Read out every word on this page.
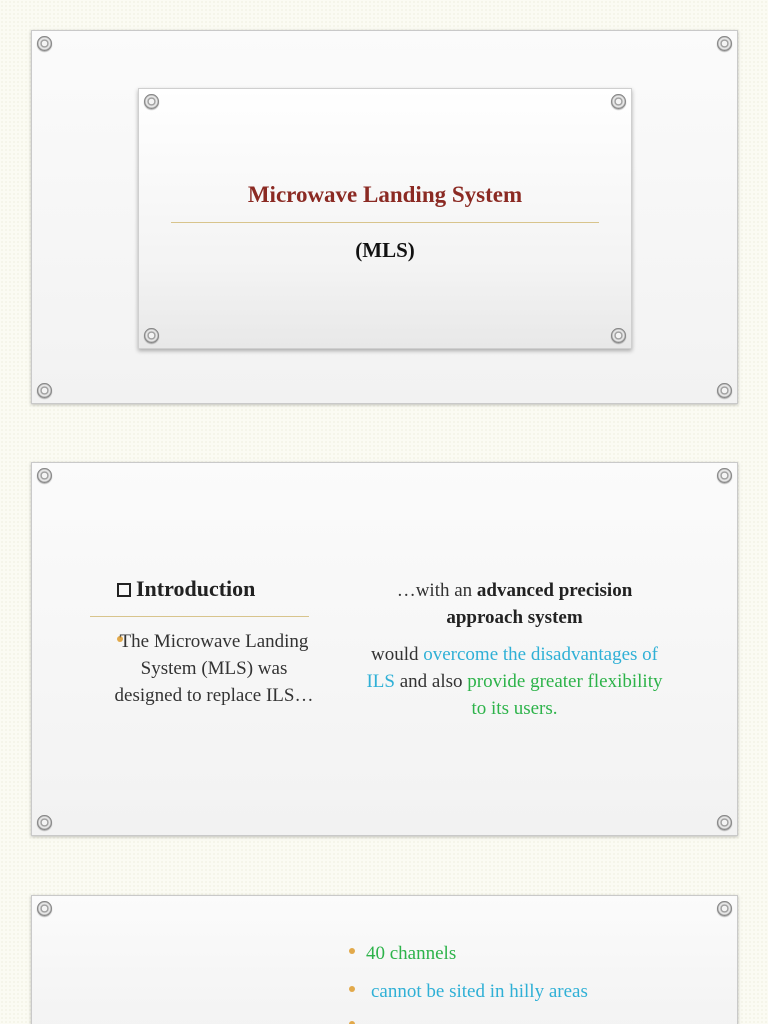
Microwave Landing System
(MLS)
Introduction
The Microwave Landing System (MLS) was designed to replace ILS…
…with an advanced precision approach system
would overcome the disadvantages of ILS and also provide greater flexibility to its users.
40 channels
cannot be sited in hilly areas
